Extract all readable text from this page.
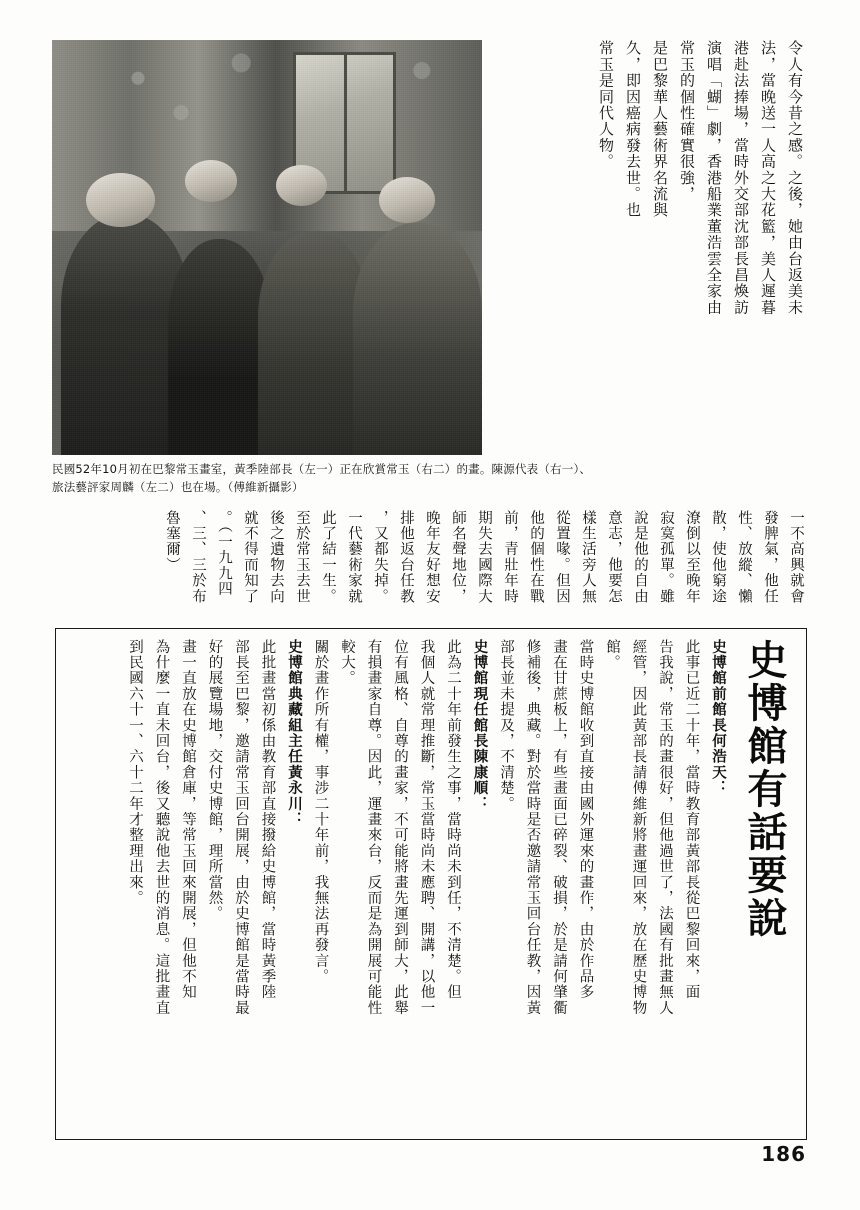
民國52年10月初在巴黎常玉畫室，黃季陸部長（左一）正在欣賞常玉（右二）的畫。陳源代表（右一）、
旅法藝評家周麟（左二）也在場。（傅維新攝影）
常玉是同代人物。 久，即因癌病發去世。也 是巴黎華人藝術界名流與 常玉的個性確實很強， 演唱「蝴」劇，香港船業董浩雲全家由 港赴法捧場，當時外交部沈部長昌煥訪 法，當晚送一人高之大花籃，美人遲暮 令人有今昔之感。之後，她由台返美未
一不高興就會
發脾氣，他任
性、放縱、懶
散，使他窮途
潦倒以至晚年
寂寞孤單。雖
說是他的自由
意志，他要怎
樣生活旁人無
從置喙。但因
他的個性在戰
前，青壯年時
期失去國際大
師名聲地位，
晚年友好想安
排他返台任教
，又都失掉。
一代藝術家就
此了結一生。
至於常玉去世
後之遺物去向
就不得而知了
。（一九九四
、三、三於布
魯塞爾）
史博館有話要說
史博館前館長何浩天：
此事已近二十年，當時教育部黃部長從巴黎回來，面
告我說，常玉的畫很好，但他過世了，法國有批畫無人
經管，因此黃部長請傅維新將畫運回來，放在歷史博物
館。
當時史博館收到直接由國外運來的畫作，由於作品多
畫在甘蔗板上，有些畫面已碎裂、破損，於是請何肇衢
修補後，典藏。對於當時是否邀請常玉回台任教，因黃
部長並未提及，不清楚。
史博館現任館長陳康順：
此為二十年前發生之事，當時尚未到任，不清楚。但
我個人就常理推斷，常玉當時尚未應聘、開講，以他一
位有風格、自尊的畫家，不可能將畫先運到師大，此舉
有損畫家自尊。因此，運畫來台，反而是為開展可能性
較大。
關於畫作所有權，事涉二十年前，我無法再發言。
史博館典藏組主任黃永川：
此批畫當初係由教育部直接撥給史博館，當時黃季陸
部長至巴黎，邀請常玉回台開展，由於史博館是當時最
好的展覽場地，交付史博館，理所當然。
畫一直放在史博館倉庫，等常玉回來開展，但他不知
為什麼一直未回台，後又聽說他去世的消息。這批畫直
到民國六十一、六十二年才整理出來。
186
